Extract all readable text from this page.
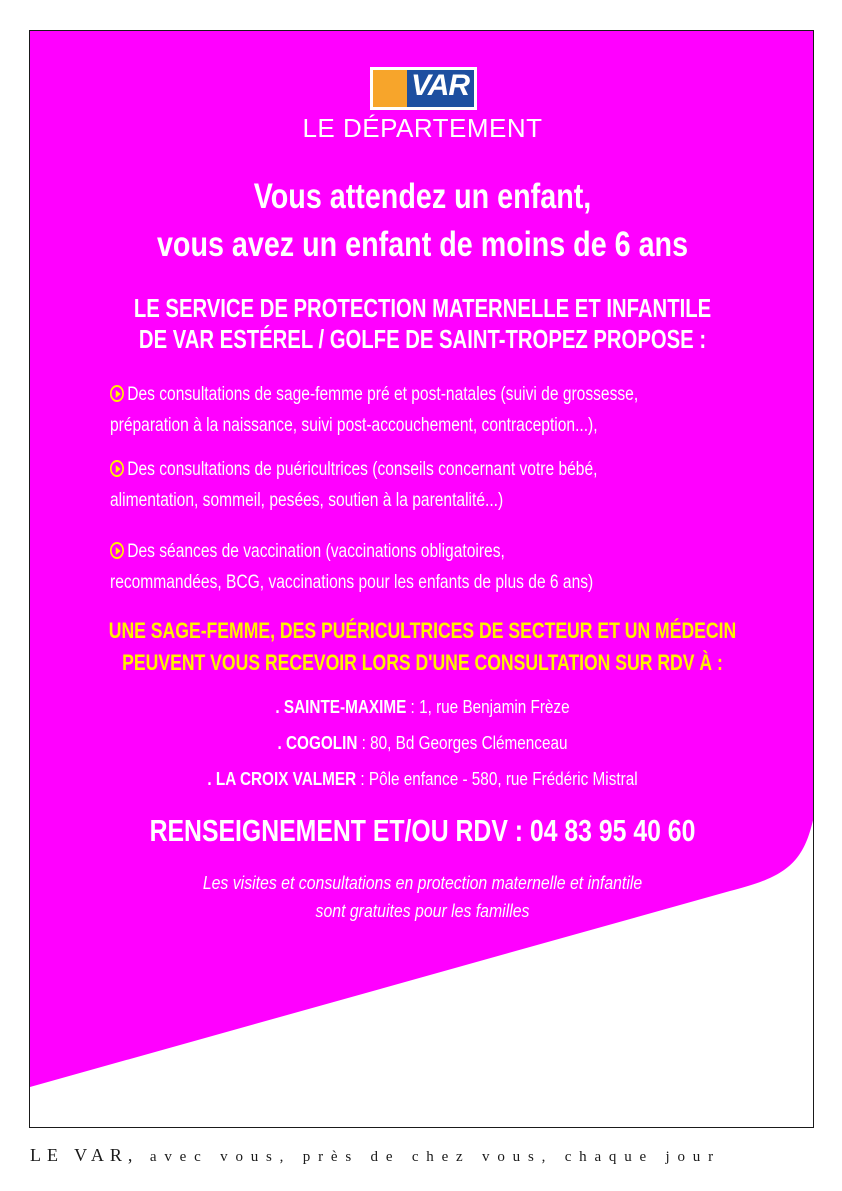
VAR
LE DÉPARTEMENT
Vous attendez un enfant,
vous avez un enfant de moins de 6 ans
LE SERVICE DE PROTECTION MATERNELLE ET INFANTILE
DE VAR ESTÉREL / GOLFE DE SAINT-TROPEZ PROPOSE :
Des consultations de sage-femme pré et post-natales (suivi de grossesse,
préparation à la naissance, suivi post-accouchement, contraception...),
Des consultations de puéricultrices (conseils concernant votre bébé,
alimentation, sommeil, pesées, soutien à la parentalité...)
Des séances de vaccination (vaccinations obligatoires,
recommandées, BCG, vaccinations pour les enfants de plus de 6 ans)
UNE SAGE-FEMME, DES PUÉRICULTRICES DE SECTEUR ET UN MÉDECIN
PEUVENT VOUS RECEVOIR LORS D'UNE CONSULTATION SUR RDV À :
. SAINTE-MAXIME : 1, rue Benjamin Frèze
. COGOLIN : 80, Bd Georges Clémenceau
. LA CROIX VALMER : Pôle enfance - 580, rue Frédéric Mistral
RENSEIGNEMENT ET/OU RDV : 04 83 95 40 60
Les visites et consultations en protection maternelle et infantile
sont gratuites pour les familles
LE VAR, avec vous, près de chez vous, chaque jour
